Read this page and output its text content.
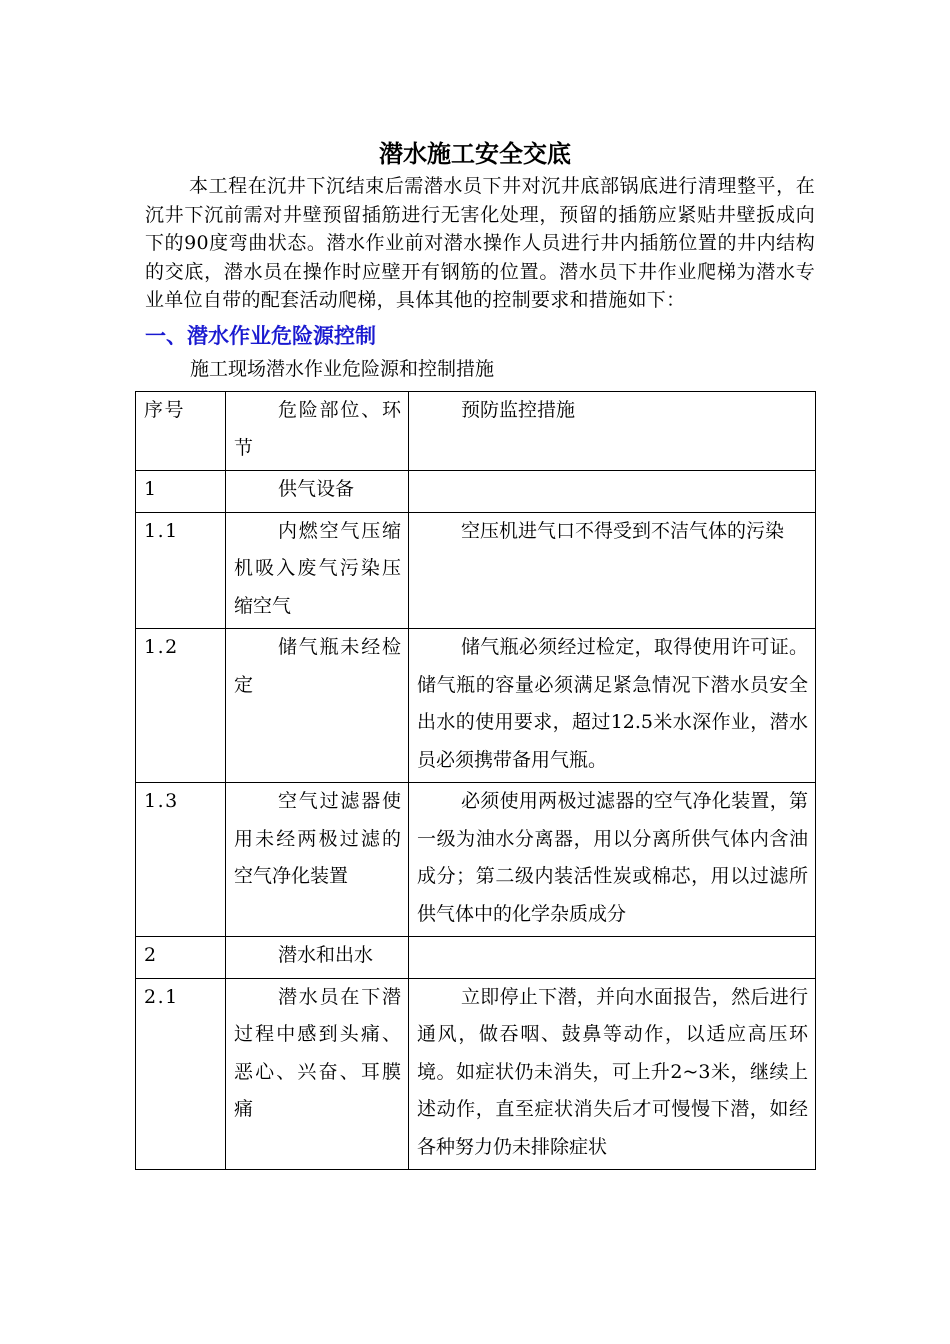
潜水施工安全交底

本工程在沉井下沉结束后需潜水员下井对沉井底部锅底进行清理整平，在沉井下沉前需对井壁预留插筋进行无害化处理，预留的插筋应紧贴井壁扳成向下的90度弯曲状态。潜水作业前对潜水操作人员进行井内插筋位置的井内结构的交底，潜水员在操作时应壁开有钢筋的位置。潜水员下井作业爬梯为潜水专业单位自带的配套活动爬梯，具体其他的控制要求和措施如下：

一、潜水作业危险源控制
施工现场潜水作业危险源和控制措施
序号	危险部位、环节	预防监控措施
1	供气设备	
1.1	内燃空气压缩机吸入废气污染压缩空气	空压机进气口不得受到不洁气体的污染
1.2	储气瓶未经检定	储气瓶必须经过检定，取得使用许可证。储气瓶的容量必须满足紧急情况下潜水员安全出水的使用要求，超过12.5米水深作业，潜水员必须携带备用气瓶。
1.3	空气过滤器使用未经两极过滤的空气净化装置	必须使用两极过滤器的空气净化装置，第一级为油水分离器，用以分离所供气体内含油成分；第二级内装活性炭或棉芯，用以过滤所供气体中的化学杂质成分
2	潜水和出水	
2.1	潜水员在下潜过程中感到头痛、恶心、兴奋、耳膜痛	立即停止下潜，并向水面报告，然后进行通风，做吞咽、鼓鼻等动作，以适应高压环境。如症状仍未消失，可上升2~3米，继续上述动作，直至症状消失后才可慢慢下潜，如经各种努力仍未排除症状
